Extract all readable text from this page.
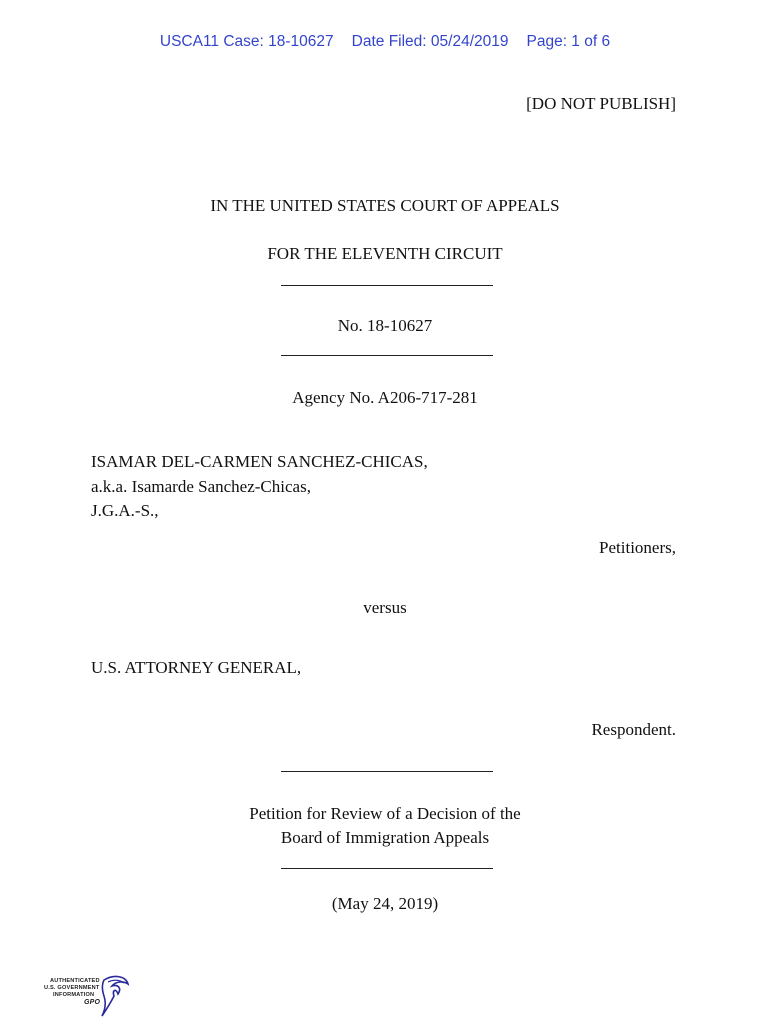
USCA11 Case: 18-10627 Date Filed: 05/24/2019 Page: 1 of 6
[DO NOT PUBLISH]
IN THE UNITED STATES COURT OF APPEALS
FOR THE ELEVENTH CIRCUIT
No. 18-10627
Agency No. A206-717-281
ISAMAR DEL-CARMEN SANCHEZ-CHICAS,
a.k.a. Isamarde Sanchez-Chicas,
J.G.A.-S.,
Petitioners,
versus
U.S. ATTORNEY GENERAL,
Respondent.
Petition for Review of a Decision of the
Board of Immigration Appeals
(May 24, 2019)
AUTHENTICATED
U.S. GOVERNMENT
INFORMATION
GPO
